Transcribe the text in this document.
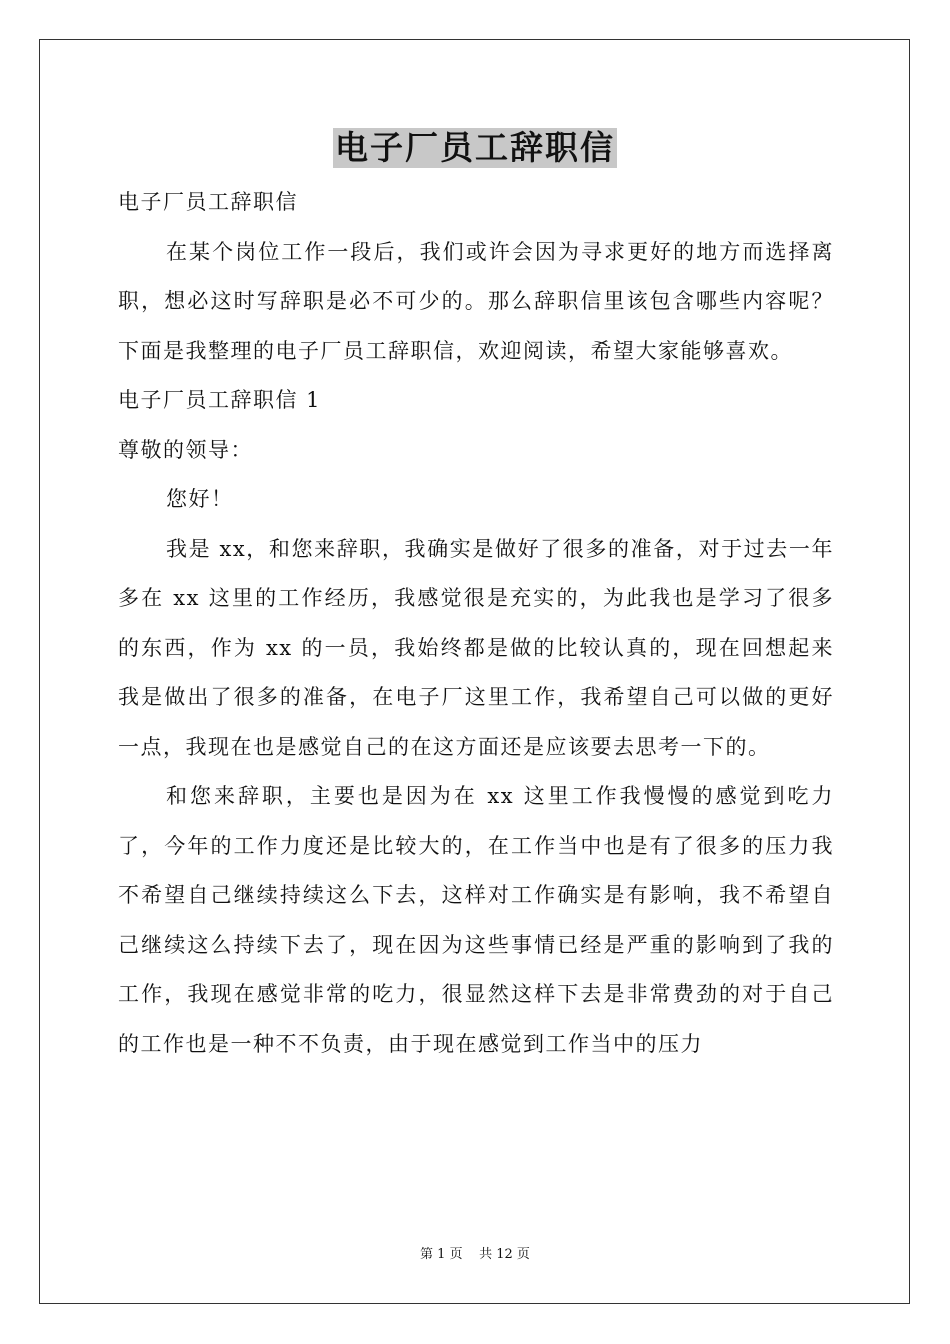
电子厂员工辞职信

电子厂员工辞职信

在某个岗位工作一段后，我们或许会因为寻求更好的地方而选择离职，想必这时写辞职是必不可少的。那么辞职信里该包含哪些内容呢？下面是我整理的电子厂员工辞职信，欢迎阅读，希望大家能够喜欢。

电子厂员工辞职信 1

尊敬的领导：

您好！

我是 xx，和您来辞职，我确实是做好了很多的准备，对于过去一年多在 xx 这里的工作经历，我感觉很是充实的，为此我也是学习了很多的东西，作为 xx 的一员，我始终都是做的比较认真的，现在回想起来我是做出了很多的准备，在电子厂这里工作，我希望自己可以做的更好一点，我现在也是感觉自己的在这方面还是应该要去思考一下的。

和您来辞职，主要也是因为在 xx 这里工作我慢慢的感觉到吃力了，今年的工作力度还是比较大的，在工作当中也是有了很多的压力我不希望自己继续持续这么下去，这样对工作确实是有影响，我不希望自己继续这么持续下去了，现在因为这些事情已经是严重的影响到了我的工作，我现在感觉非常的吃力，很显然这样下去是非常费劲的对于自己的工作也是一种不不负责，由于现在感觉到工作当中的压力

第 1 页 共 12 页
